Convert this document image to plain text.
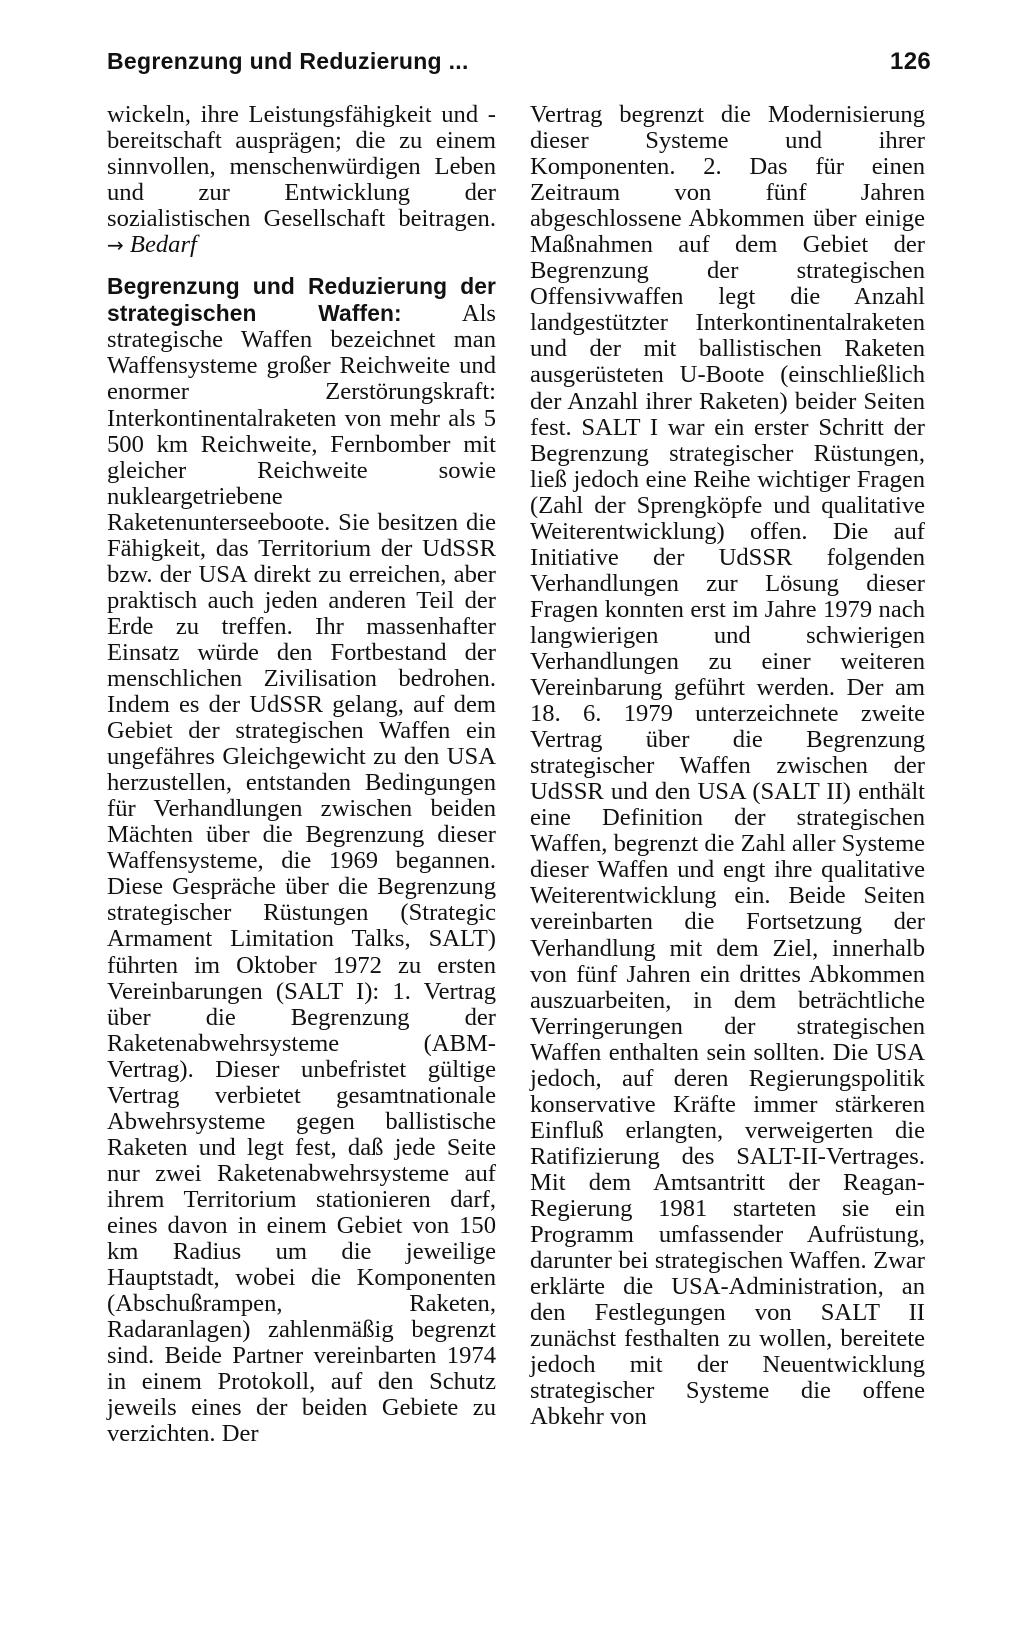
Begrenzung und Reduzierung ...	126

wickeln, ihre Leistungsfähigkeit und -bereitschaft ausprägen; die zu einem sinnvollen, menschenwürdigen Leben und zur Entwicklung der sozialistischen Gesellschaft beitragen. → Bedarf

Begrenzung und Reduzierung der strategischen Waffen: Als strategische Waffen bezeichnet man Waffensysteme großer Reichweite und enormer Zerstörungskraft: Interkontinentalraketen von mehr als 5 500 km Reichweite, Fernbomber mit gleicher Reichweite sowie nukleargetriebene Raketenunterseeboote. Sie besitzen die Fähigkeit, das Territorium der UdSSR bzw. der USA direkt zu erreichen, aber praktisch auch jeden anderen Teil der Erde zu treffen. Ihr massenhafter Einsatz würde den Fortbestand der menschlichen Zivilisation bedrohen. Indem es der UdSSR gelang, auf dem Gebiet der strategischen Waffen ein ungefähres Gleichgewicht zu den USA herzustellen, entstanden Bedingungen für Verhandlungen zwischen beiden Mächten über die Begrenzung dieser Waffensysteme, die 1969 begannen. Diese Gespräche über die Begrenzung strategischer Rüstungen (Strategic Armament Limitation Talks, SALT) führten im Oktober 1972 zu ersten Vereinbarungen (SALT I): 1. Vertrag über die Begrenzung der Raketenabwehrsysteme (ABM-Vertrag). Dieser unbefristet gültige Vertrag verbietet gesamtnationale Abwehrsysteme gegen ballistische Raketen und legt fest, daß jede Seite nur zwei Raketenabwehrsysteme auf ihrem Territorium stationieren darf, eines davon in einem Gebiet von 150 km Radius um die jeweilige Hauptstadt, wobei die Komponenten (Abschußrampen, Raketen, Radaranlagen) zahlenmäßig begrenzt sind. Beide Partner vereinbarten 1974 in einem Protokoll, auf den Schutz jeweils eines der beiden Gebiete zu verzichten. Der

Vertrag begrenzt die Modernisierung dieser Systeme und ihrer Komponenten. 2. Das für einen Zeitraum von fünf Jahren abgeschlossene Abkommen über einige Maßnahmen auf dem Gebiet der Begrenzung der strategischen Offensivwaffen legt die Anzahl landgestützter Interkontinentalraketen und der mit ballistischen Raketen ausgerüsteten U-Boote (einschließlich der Anzahl ihrer Raketen) beider Seiten fest. SALT I war ein erster Schritt der Begrenzung strategischer Rüstungen, ließ jedoch eine Reihe wichtiger Fragen (Zahl der Sprengköpfe und qualitative Weiterentwicklung) offen. Die auf Initiative der UdSSR folgenden Verhandlungen zur Lösung dieser Fragen konnten erst im Jahre 1979 nach langwierigen und schwierigen Verhandlungen zu einer weiteren Vereinbarung geführt werden. Der am 18. 6. 1979 unterzeichnete zweite Vertrag über die Begrenzung strategischer Waffen zwischen der UdSSR und den USA (SALT II) enthält eine Definition der strategischen Waffen, begrenzt die Zahl aller Systeme dieser Waffen und engt ihre qualitative Weiterentwicklung ein. Beide Seiten vereinbarten die Fortsetzung der Verhandlung mit dem Ziel, innerhalb von fünf Jahren ein drittes Abkommen auszuarbeiten, in dem beträchtliche Verringerungen der strategischen Waffen enthalten sein sollten. Die USA jedoch, auf deren Regierungspolitik konservative Kräfte immer stärkeren Einfluß erlangten, verweigerten die Ratifizierung des SALT-II-Vertrages. Mit dem Amtsantritt der Reagan-Regierung 1981 starteten sie ein Programm umfassender Aufrüstung, darunter bei strategischen Waffen. Zwar erklärte die USA-Administration, an den Festlegungen von SALT II zunächst festhalten zu wollen, bereitete jedoch mit der Neuentwicklung strategischer Systeme die offene Abkehr von
